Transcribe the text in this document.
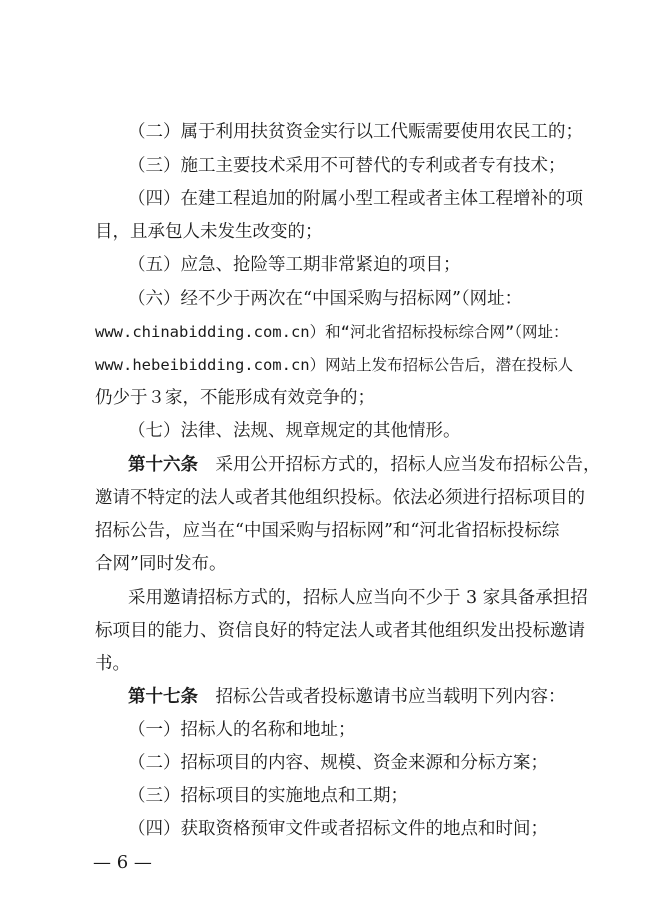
（二）属于利用扶贫资金实行以工代赈需要使用农民工的；
（三）施工主要技术采用不可替代的专利或者专有技术；
（四）在建工程追加的附属小型工程或者主体工程增补的项
目，且承包人未发生改变的；
（五）应急、抢险等工期非常紧迫的项目；
（六）经不少于两次在“中国采购与招标网”（网址：
www.chinabidding.com.cn）和“河北省招标投标综合网”（网址：
www.hebeibidding.com.cn）网站上发布招标公告后，潜在投标人
仍少于３家，不能形成有效竞争的；
（七）法律、法规、规章规定的其他情形。
第十六条　采用公开招标方式的，招标人应当发布招标公告，
邀请不特定的法人或者其他组织投标。依法必须进行招标项目的
招标公告，应当在“中国采购与招标网”和“河北省招标投标综
合网”同时发布。
采用邀请招标方式的，招标人应当向不少于 3 家具备承担招
标项目的能力、资信良好的特定法人或者其他组织发出投标邀请
书。
第十七条　招标公告或者投标邀请书应当载明下列内容：
（一）招标人的名称和地址；
（二）招标项目的内容、规模、资金来源和分标方案；
（三）招标项目的实施地点和工期；
（四）获取资格预审文件或者招标文件的地点和时间；
— 6 —
